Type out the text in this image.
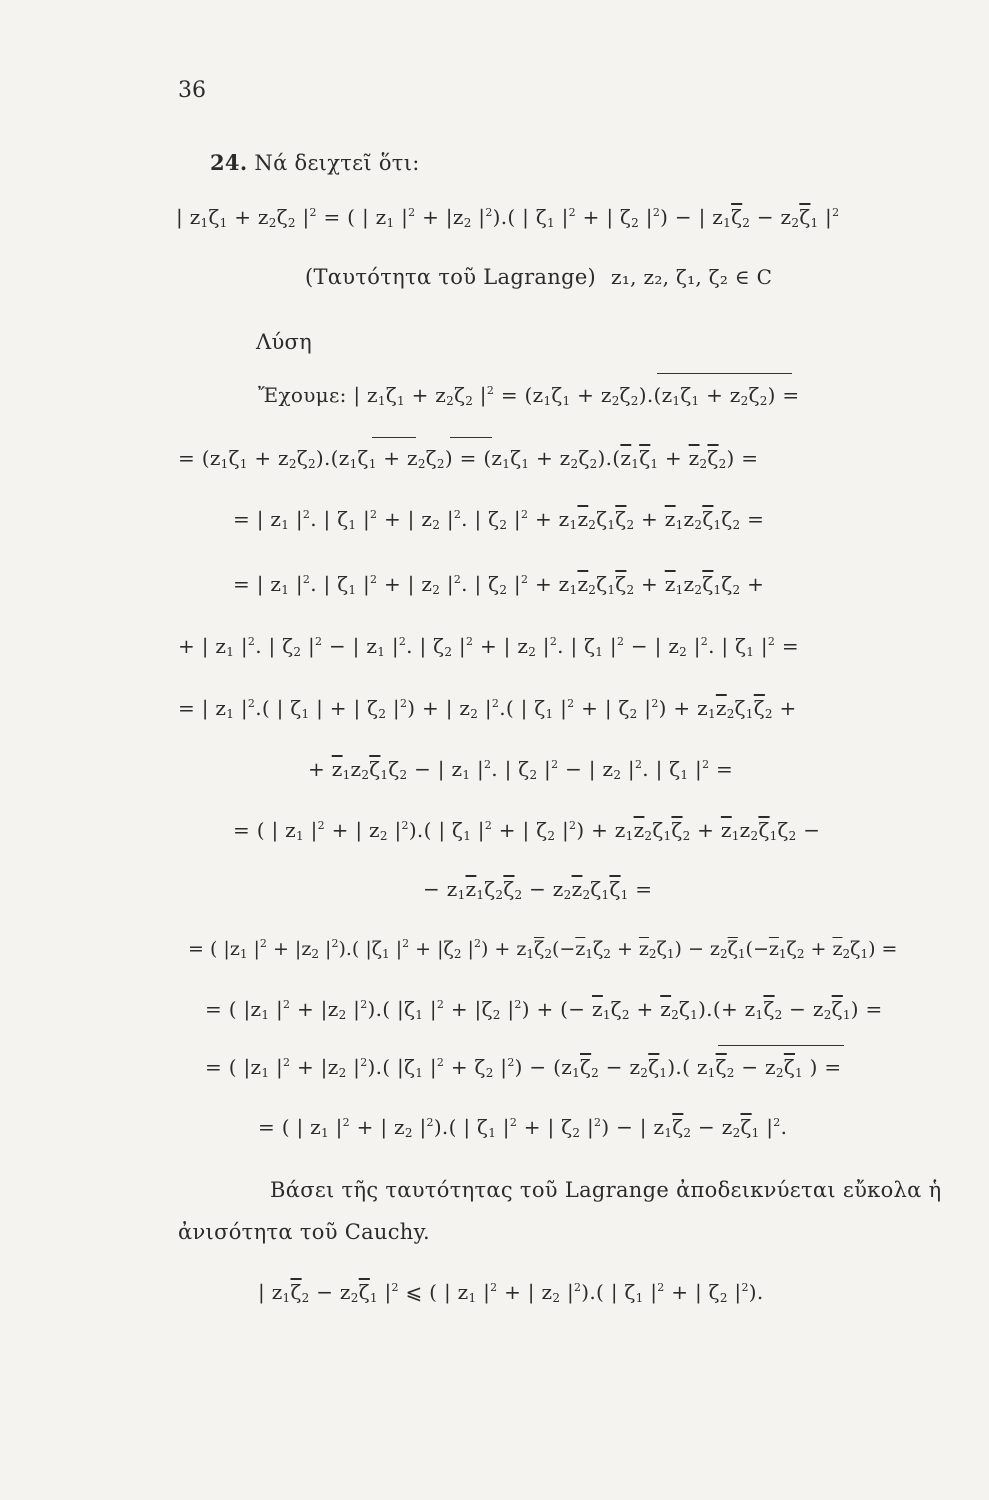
36
24. Νά δειχτεῖ ὅτι:
| $z_1\zeta_1 + z_2\zeta_2$ $|^2$ = ( | $z_1$ $|^2 + |z_2$ $|^2$).( | $\zeta_1$ $|^2$ + | $\zeta_2$ $|^2$) − | $z_1\overline{\zeta}_2 - z_2\overline{\zeta}_1$ $|^2$
(Ταυτότητα τοῦ Lagrange) z₁, z₂, ζ₁, ζ₂ ∈ C
Λύση
Ἔχουμε: | $z_1\zeta_1 + z_2\zeta_2$ $|^2 = (z_1\zeta_1 + z_2\zeta_2).(z_1\zeta_1 + z_2\zeta_2)$ =
= $(z_1\zeta_1 + z_2\zeta_2).(z_1\zeta_1 + z_2\zeta_2) = (z_1\zeta_1 + z_2\zeta_2).(\overline{z}_1\overline{\zeta}_1 + \overline{z}_2\overline{\zeta}_2)$ =
= | $z_1$ $|^2$. | $\zeta_1$ $|^2$ + | $z_2$ $|^2$. | $\zeta_2$ $|^2 + z_1\overline{z}_2\zeta_1\overline{\zeta}_2 + \overline{z}_1z_2\overline{\zeta}_1\zeta_2$ =
= | $z_1$ $|^2$. | $\zeta_1$ $|^2$ + | $z_2$ $|^2$. | $\zeta_2$ $|^2 + z_1\overline{z}_2\zeta_1\overline{\zeta}_2 + \overline{z}_1z_2\overline{\zeta}_1\zeta_2$ +
+ | $z_1$ $|^2$. | $\zeta_2$ $|^2$ − | $z_1$ $|^2$. | $\zeta_2$ $|^2$ + | $z_2$ $|^2$. | $\zeta_1$ $|^2$ − | $z_2$ $|^2$. | $\zeta_1$ $|^2$ =
= | $z_1$ $|^2$.( | $\zeta_1$ | + | $\zeta_2$ $|^2$) + | $z_2$ $|^2$.( | $\zeta_1$ $|^2$ + | $\zeta_2$ $|^2) + z_1\overline{z}_2\zeta_1\overline{\zeta}_2$ +
+ $\overline{z}_1z_2\overline{\zeta}_1\zeta_2$ − | $z_1$ $|^2$. | $\zeta_2$ $|^2$ − | $z_2$ $|^2$. | $\zeta_1$ $|^2$ =
= ( | $z_1$ $|^2$ + | $z_2$ $|^2$).( | $\zeta_1$ $|^2$ + | $\zeta_2$ $|^2) + z_1\overline{z}_2\zeta_1\overline{\zeta}_2 + \overline{z}_1z_2\overline{\zeta}_1\zeta_2$ −
− $z_1\overline{z}_1\zeta_2\overline{\zeta}_2 - z_2\overline{z}_2\zeta_1\overline{\zeta}_1$ =
= ( $|z_1$ $|^2 + |z_2$ $|^2$).( $|\zeta_1$ $|^2 + |\zeta_2$ $|^2) + z_1\overline{\zeta}_2(-\overline{z}_1\zeta_2 + \overline{z}_2\zeta_1) - z_2\overline{\zeta}_1(-\overline{z}_1\zeta_2 + \overline{z}_2\zeta_1)$ =
= ( $|z_1$ $|^2 + |z_2$ $|^2$).( $|\zeta_1$ $|^2 + |\zeta_2$ $|^2$) + (− $\overline{z}_1\zeta_2 + \overline{z}_2\zeta_1).(+ z_1\overline{\zeta}_2 - z_2\overline{\zeta}_1)$ =
= ( $|z_1$ $|^2 + |z_2$ $|^2$).( $|\zeta_1$ $|^2 + \zeta_2$ $|^2) - (z_1\overline{\zeta}_2 - z_2\overline{\zeta}_1)$.( $z_1\overline{\zeta}_2 - z_2\overline{\zeta}_1$ ) =
= ( | $z_1$ $|^2$ + | $z_2$ $|^2$).( | $\zeta_1$ $|^2$ + | $\zeta_2$ $|^2$) − | $z_1\overline{\zeta}_2 - z_2\overline{\zeta}_1$ $|^2$.
Βάσει τῆς ταυτότητας τοῦ Lagrange ἀποδεικνύεται εὔκολα ἡ
ἀνισότητα τοῦ Cauchy.
| $z_1\overline{\zeta}_2 - z_2\overline{\zeta}_1$ $|^2$ ⩽ ( | $z_1$ $|^2$ + | $z_2$ $|^2$).( | $\zeta_1$ $|^2$ + | $\zeta_2$ $|^2$).
